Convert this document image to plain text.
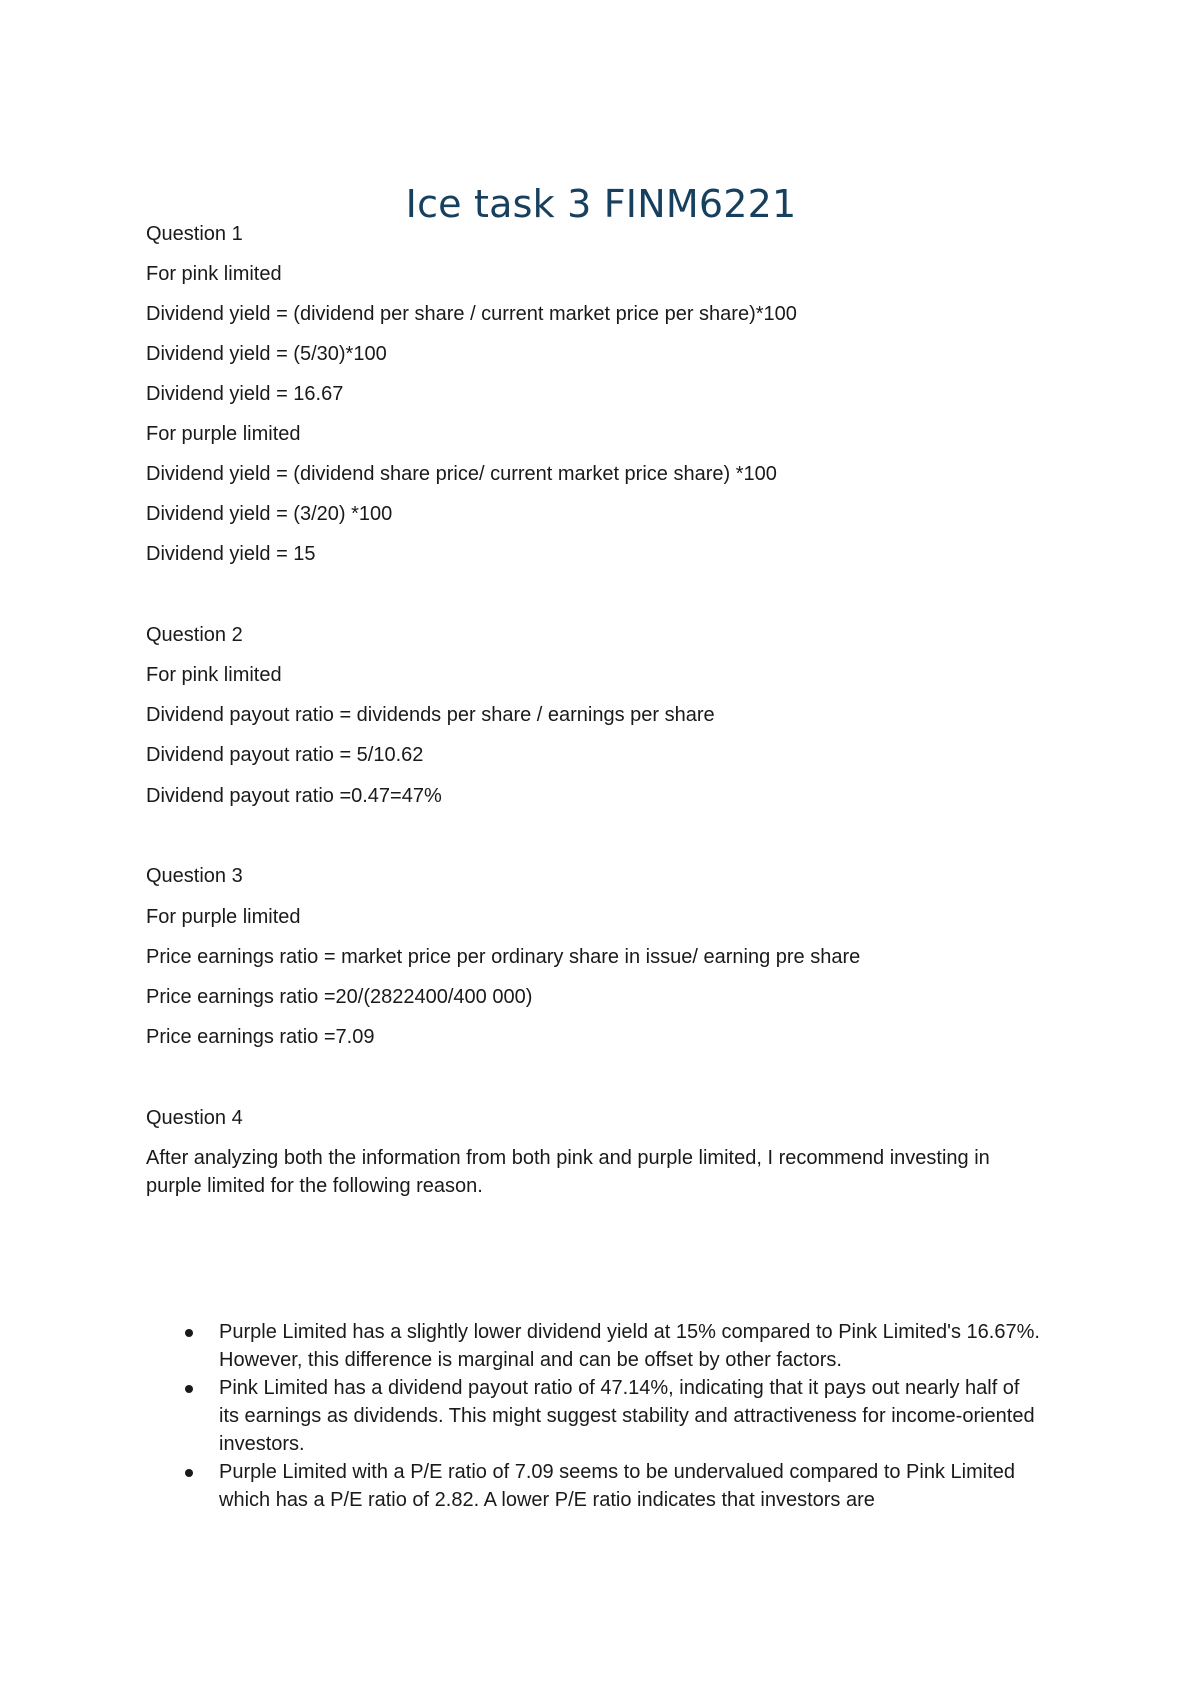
Ice task 3 FINM6221
Question 1
For pink limited
Dividend yield = (dividend per share / current market price per share)*100
Dividend yield = (5/30)*100
Dividend yield = 16.67
For purple limited
Dividend yield = (dividend share price/ current market price share) *100
Dividend yield = (3/20) *100
Dividend yield = 15
Question 2
For pink limited
Dividend payout ratio = dividends per share / earnings per share
Dividend payout ratio = 5/10.62
Dividend payout ratio =0.47=47%
Question 3
For purple limited
Price earnings ratio = market price per ordinary share in issue/ earning pre share
Price earnings ratio =20/(2822400/400 000)
Price earnings ratio =7.09
Question 4
After analyzing both the information from both pink and purple limited, I recommend investing in purple limited for the following reason.
Purple Limited has a slightly lower dividend yield at 15% compared to Pink Limited's 16.67%. However, this difference is marginal and can be offset by other factors.
Pink Limited has a dividend payout ratio of 47.14%, indicating that it pays out nearly half of its earnings as dividends. This might suggest stability and attractiveness for income-oriented investors.
Purple Limited with a P/E ratio of 7.09 seems to be undervalued compared to Pink Limited which has a P/E ratio of 2.82. A lower P/E ratio indicates that investors are
